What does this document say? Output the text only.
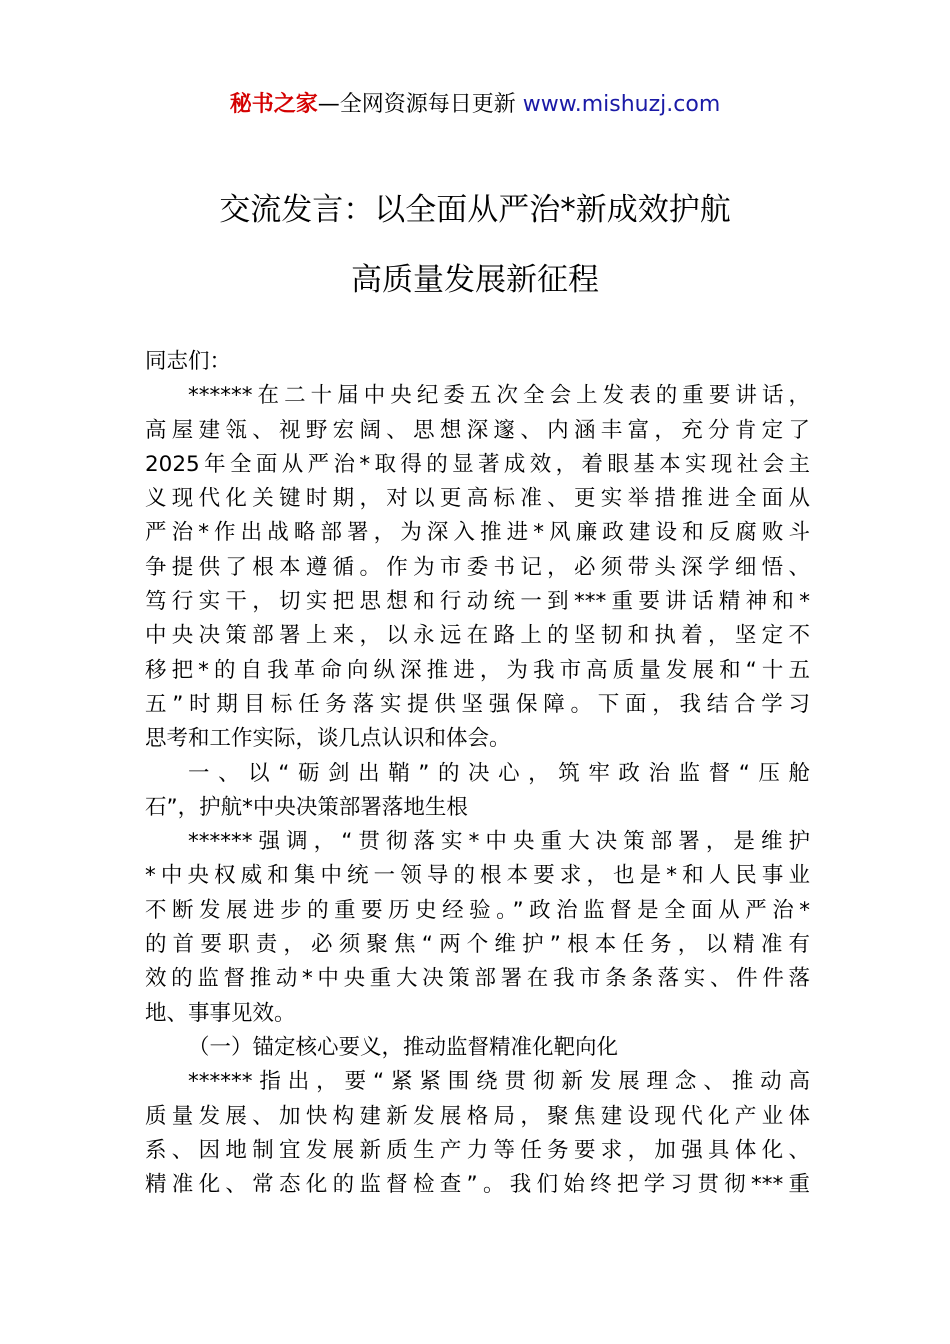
秘书之家—全网资源每日更新 www.mishuzj.com
交流发言：以全面从严治*新成效护航
高质量发展新征程
同志们：
******在二十届中央纪委五次全会上发表的重要讲话，
高屋建瓴、视野宏阔、思想深邃、内涵丰富，充分肯定了
2025年全面从严治*取得的显著成效，着眼基本实现社会主
义现代化关键时期，对以更高标准、更实举措推进全面从
严治*作出战略部署，为深入推进*风廉政建设和反腐败斗
争提供了根本遵循。作为市委书记，必须带头深学细悟、
笃行实干，切实把思想和行动统一到***重要讲话精神和*
中央决策部署上来，以永远在路上的坚韧和执着，坚定不
移把*的自我革命向纵深推进，为我市高质量发展和“十五
五”时期目标任务落实提供坚强保障。下面，我结合学习
思考和工作实际，谈几点认识和体会。
一、以“砺剑出鞘”的决心，筑牢政治监督“压舱
石”，护航*中央决策部署落地生根
******强调，“贯彻落实*中央重大决策部署，是维护
*中央权威和集中统一领导的根本要求，也是*和人民事业
不断发展进步的重要历史经验。”政治监督是全面从严治*
的首要职责，必须聚焦“两个维护”根本任务，以精准有
效的监督推动*中央重大决策部署在我市条条落实、件件落
地、事事见效。
（一）锚定核心要义，推动监督精准化靶向化
******指出，要“紧紧围绕贯彻新发展理念、推动高
质量发展、加快构建新发展格局，聚焦建设现代化产业体
系、因地制宜发展新质生产力等任务要求，加强具体化、
精准化、常态化的监督检查”。我们始终把学习贯彻***重
